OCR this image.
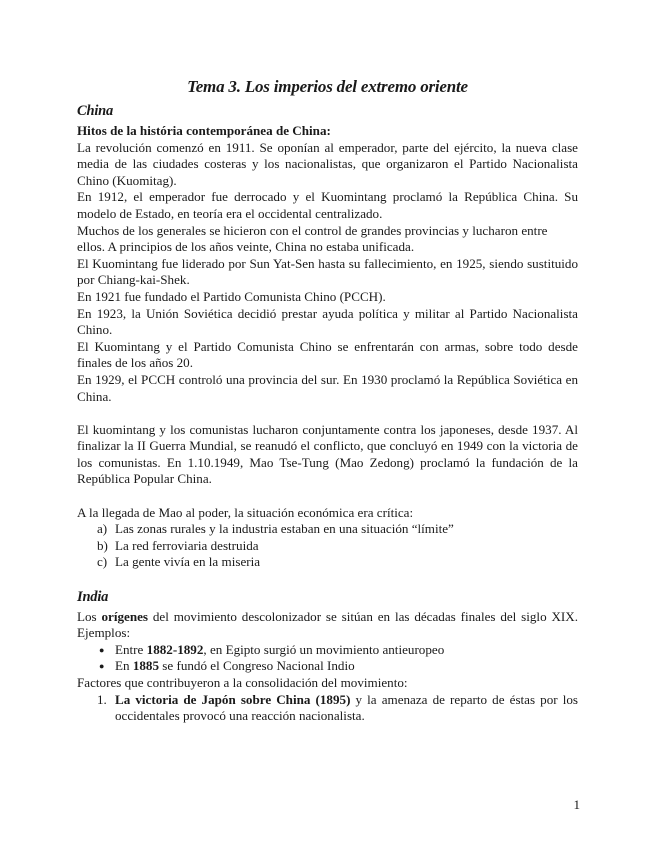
Tema 3. Los imperios del extremo oriente
China

Hitos de la história contemporánea de China:

La revolución comenzó en 1911. Se oponían al emperador, parte del ejército, la nueva clase media de las ciudades costeras y los nacionalistas, que organizaron el Partido Nacionalista Chino (Kuomitag).

En 1912, el emperador fue derrocado y el Kuomintang proclamó la República China. Su modelo de Estado, en teoría era el occidental centralizado.

Muchos de los generales se hicieron con el control de grandes provincias y lucharon entre ellos. A principios de los años veinte, China no estaba unificada.

El Kuomintang fue liderado por Sun Yat-Sen hasta su fallecimiento, en 1925, siendo sustituido por Chiang-kai-Shek.

En 1921 fue fundado el Partido Comunista Chino (PCCH).

En 1923, la Unión Soviética decidió prestar ayuda política y militar al Partido Nacionalista Chino.

El Kuomintang y el Partido Comunista Chino se enfrentarán con armas, sobre todo desde finales de los años 20.

En 1929, el PCCH controló una provincia del sur. En 1930 proclamó la República Soviética en China.

El kuomintang y los comunistas lucharon conjuntamente contra los japoneses, desde 1937. Al finalizar la II Guerra Mundial, se reanudó el conflicto, que concluyó en 1949 con la victoria de los comunistas. En 1.10.1949, Mao Tse-Tung (Mao Zedong) proclamó la fundación de la República Popular China.

A la llegada de Mao al poder, la situación económica era crítica:

a) Las zonas rurales y la industria estaban en una situación “límite”
b) La red ferroviaria destruida
c) La gente vivía en la miseria
India

Los orígenes del movimiento descolonizador se sitúan en las décadas finales del siglo XIX. Ejemplos:

● Entre 1882-1892, en Egipto surgió un movimiento antieuropeo
● En 1885 se fundó el Congreso Nacional Indio

Factores que contribuyeron a la consolidación del movimiento:

1. La victoria de Japón sobre China (1895) y la amenaza de reparto de éstas por los occidentales provocó una reacción nacionalista.
1
